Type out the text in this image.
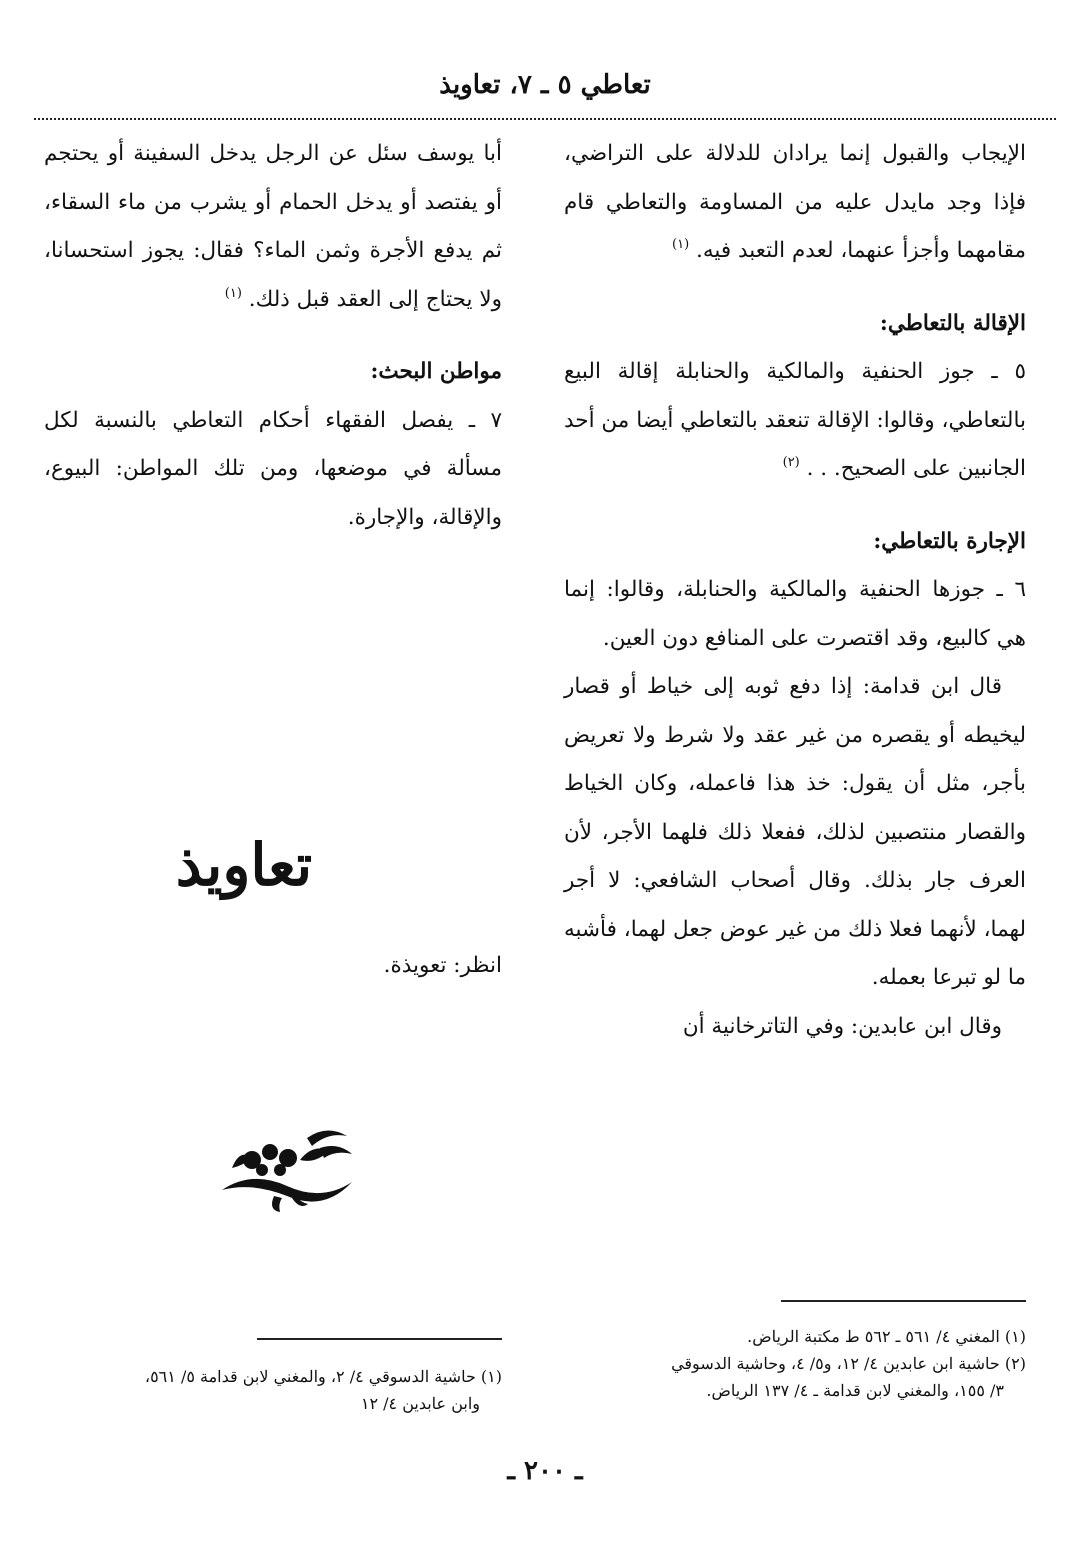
تعاطي ٥ ـ ٧، تعاويذ

الإيجاب والقبول إنما يرادان للدلالة على التراضي، فإذا وجد مايدل عليه من المساومة والتعاطي قام مقامهما وأجزأ عنهما، لعدم التعبد فيه. $^{(١)}$

الإقالة بالتعاطي:

٥ ـ جوز الحنفية والمالكية والحنابلة إقالة البيع بالتعاطي، وقالوا: الإقالة تنعقد بالتعاطي أيضا من أحد الجانبين على الصحيح. . . $^{(٢)}$

الإجارة بالتعاطي:

٦ ـ جوزها الحنفية والمالكية والحنابلة، وقالوا: إنما هي كالبيع، وقد اقتصرت على المنافع دون العين.

قال ابن قدامة: إذا دفع ثوبه إلى خياط أو قصار ليخيطه أو يقصره من غير عقد ولا شرط ولا تعريض بأجر، مثل أن يقول: خذ هذا فاعمله، وكان الخياط والقصار منتصبين لذلك، ففعلا ذلك فلهما الأجر، لأن العرف جار بذلك. وقال أصحاب الشافعي: لا أجر لهما، لأنهما فعلا ذلك من غير عوض جعل لهما، فأشبه ما لو تبرعا بعمله.

وقال ابن عابدين: وفي التاترخانية أن

أبا يوسف سئل عن الرجل يدخل السفينة أو يحتجم أو يفتصد أو يدخل الحمام أو يشرب من ماء السقاء، ثم يدفع الأجرة وثمن الماء؟ فقال: يجوز استحسانا، ولا يحتاج إلى العقد قبل ذلك. $^{(١)}$

مواطن البحث:

٧ ـ يفصل الفقهاء أحكام التعاطي بالنسبة لكل مسألة في موضعها، ومن تلك المواطن: البيوع، والإقالة، والإجارة.

تعاويذ
انظر: تعويذة.

(١) المغني ٤/ ٥٦١ ـ ٥٦٢ ط مكتبة الرياض.

(٢) حاشية ابن عابدين ٤/ ١٢، و٥/ ٤، وحاشية الدسوقي

٣/ ١٥٥، والمغني لابن قدامة ـ ٤/ ١٣٧ الرياض.

(١) حاشية الدسوقي ٤/ ٢، والمغني لابن قدامة ٥/ ٥٦١،

وابن عابدين ٤/ ١٢

ـ ٢٠٠ ـ
